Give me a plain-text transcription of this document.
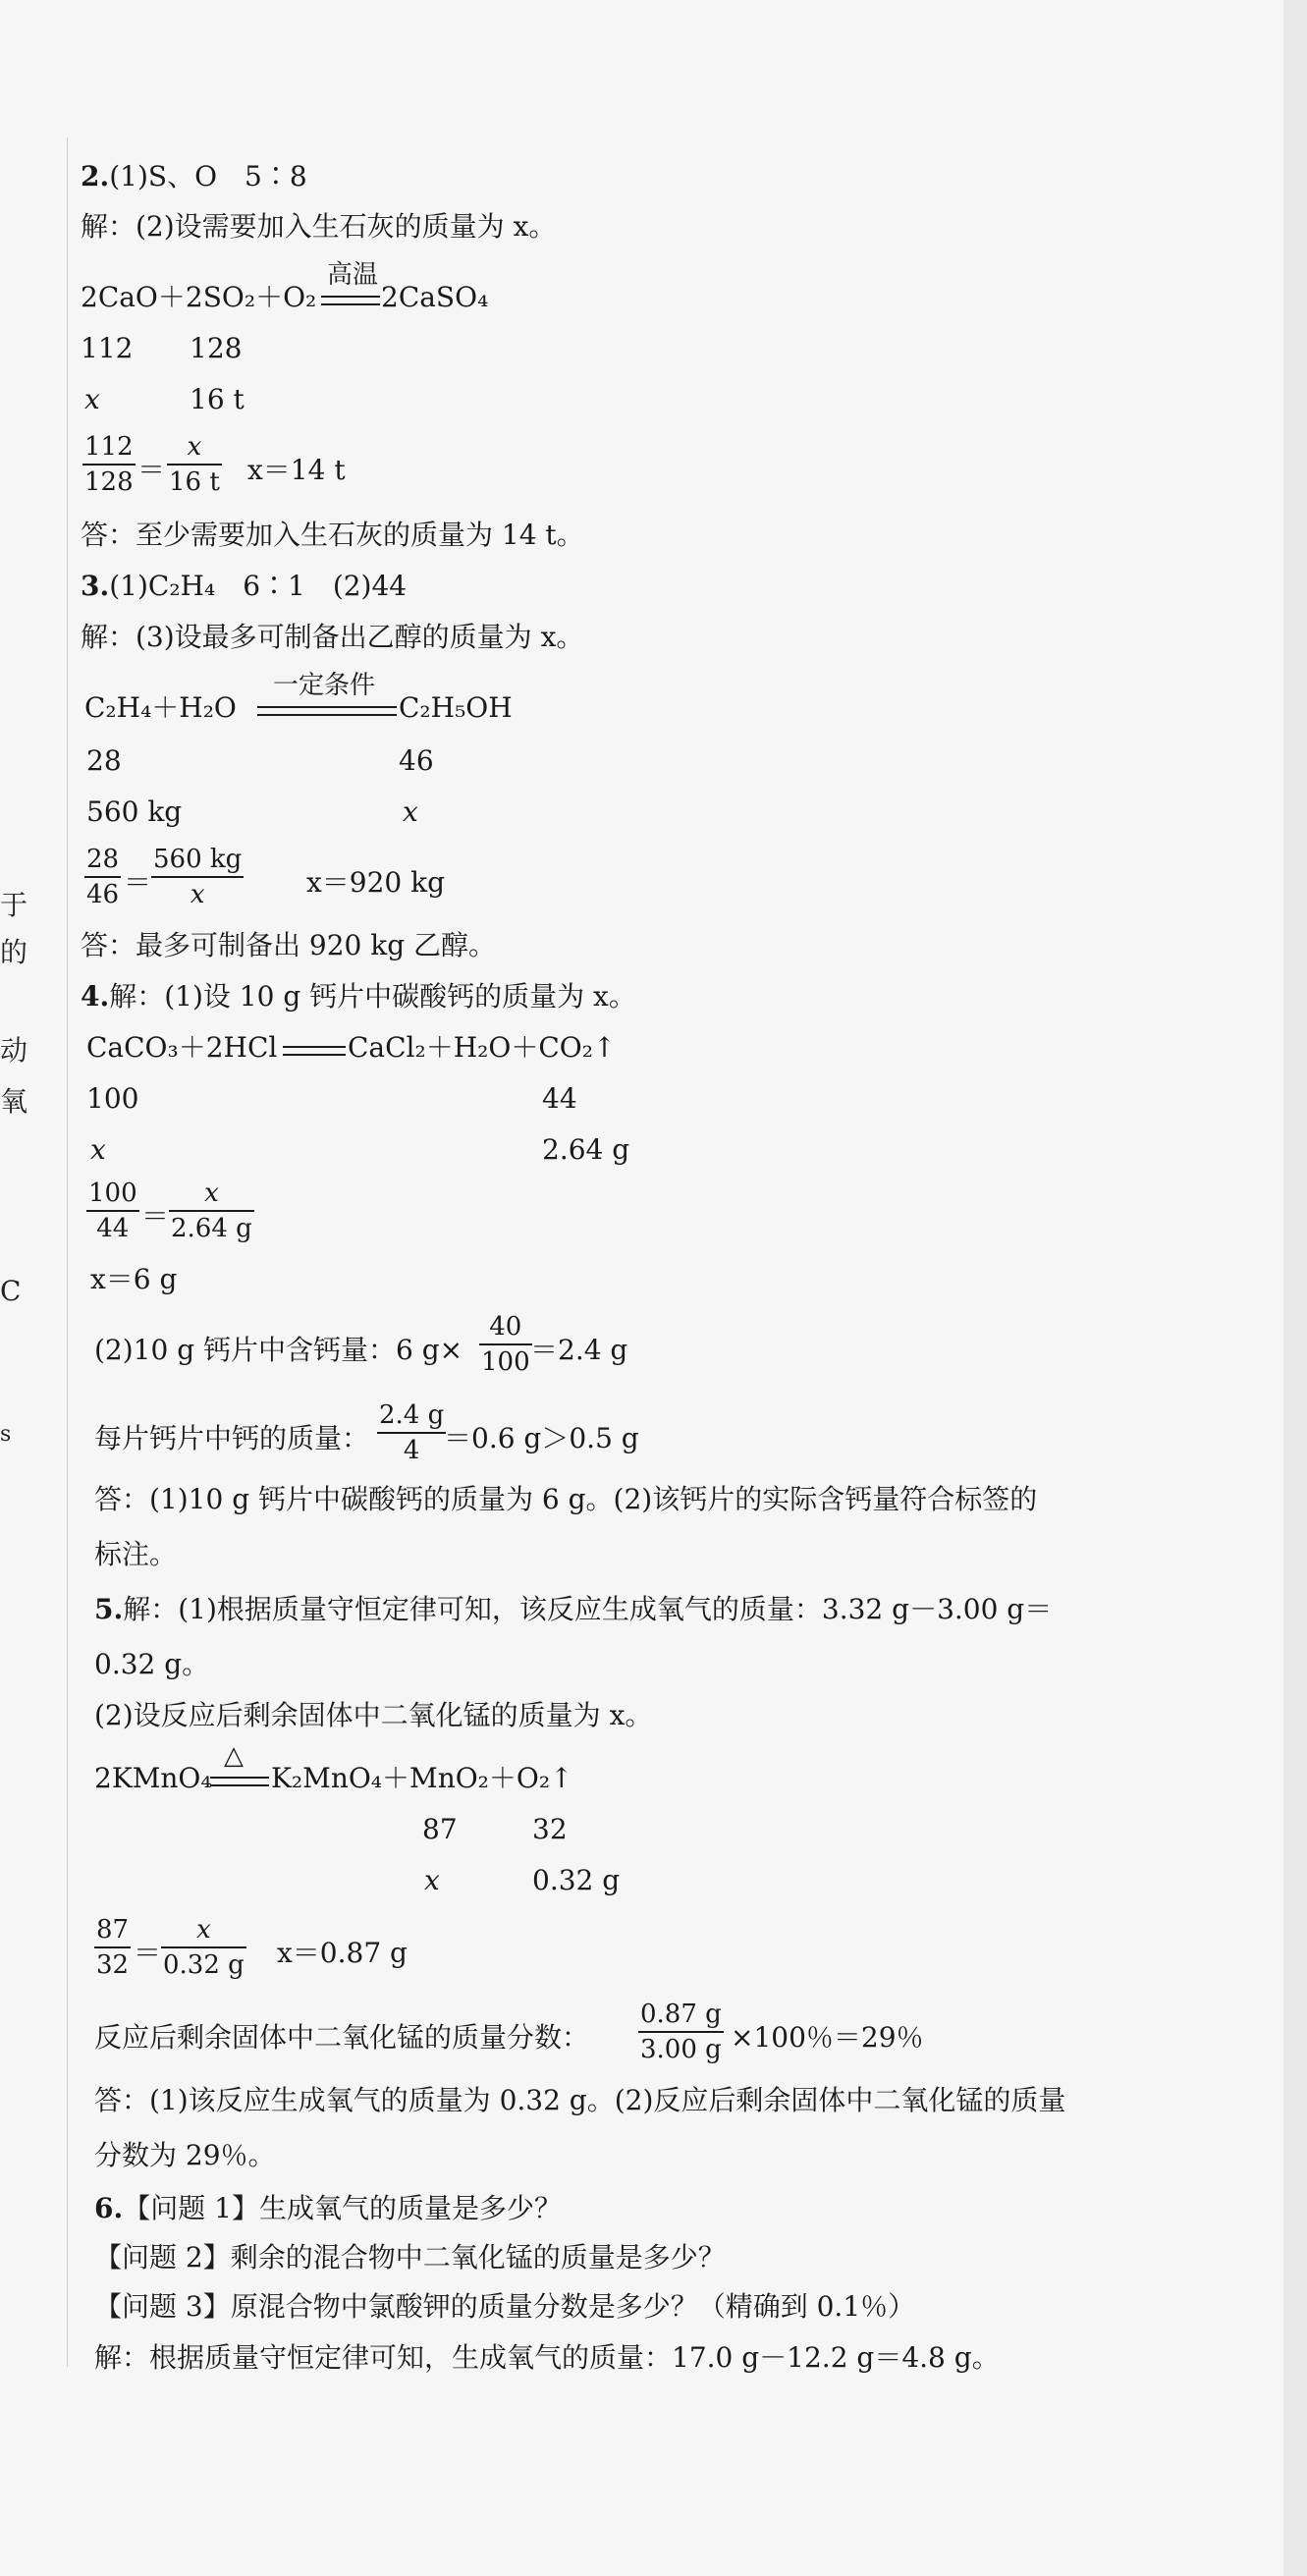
于
的
动
氧
C
s
2.(1)S、O　5∶8
解：(2)设需要加入生石灰的质量为 x。
高温
2CaO＋2SO₂＋O₂ 2CaSO₄
112 128
x	16 t
112
128 ＝
x
16 t x＝14 t
答：至少需要加入生石灰的质量为 14 t。
3.(1)C₂H₄　6∶1　(2)44
解：(3)设最多可制备出乙醇的质量为 x。
一定条件
C₂H₄＋H₂O	C₂H₅OH
28	46
560 kg	x
28
46 ＝
560 kg
x	x＝920 kg
答：最多可制备出 920 kg 乙醇。
4.解：(1)设 10 g 钙片中碳酸钙的质量为 x。
CaCO₃＋2HCl	CaCl₂＋H₂O＋CO₂↑
100	44
x	2.64 g
100
44 ＝
x
2.64 g
x＝6 g
(2)10 g 钙片中含钙量：6 g×
40
100 ＝2.4 g
每片钙片中钙的质量：
2.4 g
4 ＝0.6 g＞0.5 g
答：(1)10 g 钙片中碳酸钙的质量为 6 g。(2)该钙片的实际含钙量符合标签的
标注。
5.解：(1)根据质量守恒定律可知，该反应生成氧气的质量：3.32 g－3.00 g＝
0.32 g。
(2)设反应后剩余固体中二氧化锰的质量为 x。
△
2KMnO₄ K₂MnO₄＋MnO₂＋O₂↑
87	32
x	0.32 g
87
32 ＝
x
0.32 g x＝0.87 g
反应后剩余固体中二氧化锰的质量分数：
0.87 g
3.00 g ×100％＝29％
答：(1)该反应生成氧气的质量为 0.32 g。(2)反应后剩余固体中二氧化锰的质量
分数为 29％。
6.【问题 1】生成氧气的质量是多少？
【问题 2】剩余的混合物中二氧化锰的质量是多少？
【问题 3】原混合物中氯酸钾的质量分数是多少？（精确到 0.1％）
解：根据质量守恒定律可知，生成氧气的质量：17.0 g－12.2 g＝4.8 g。
